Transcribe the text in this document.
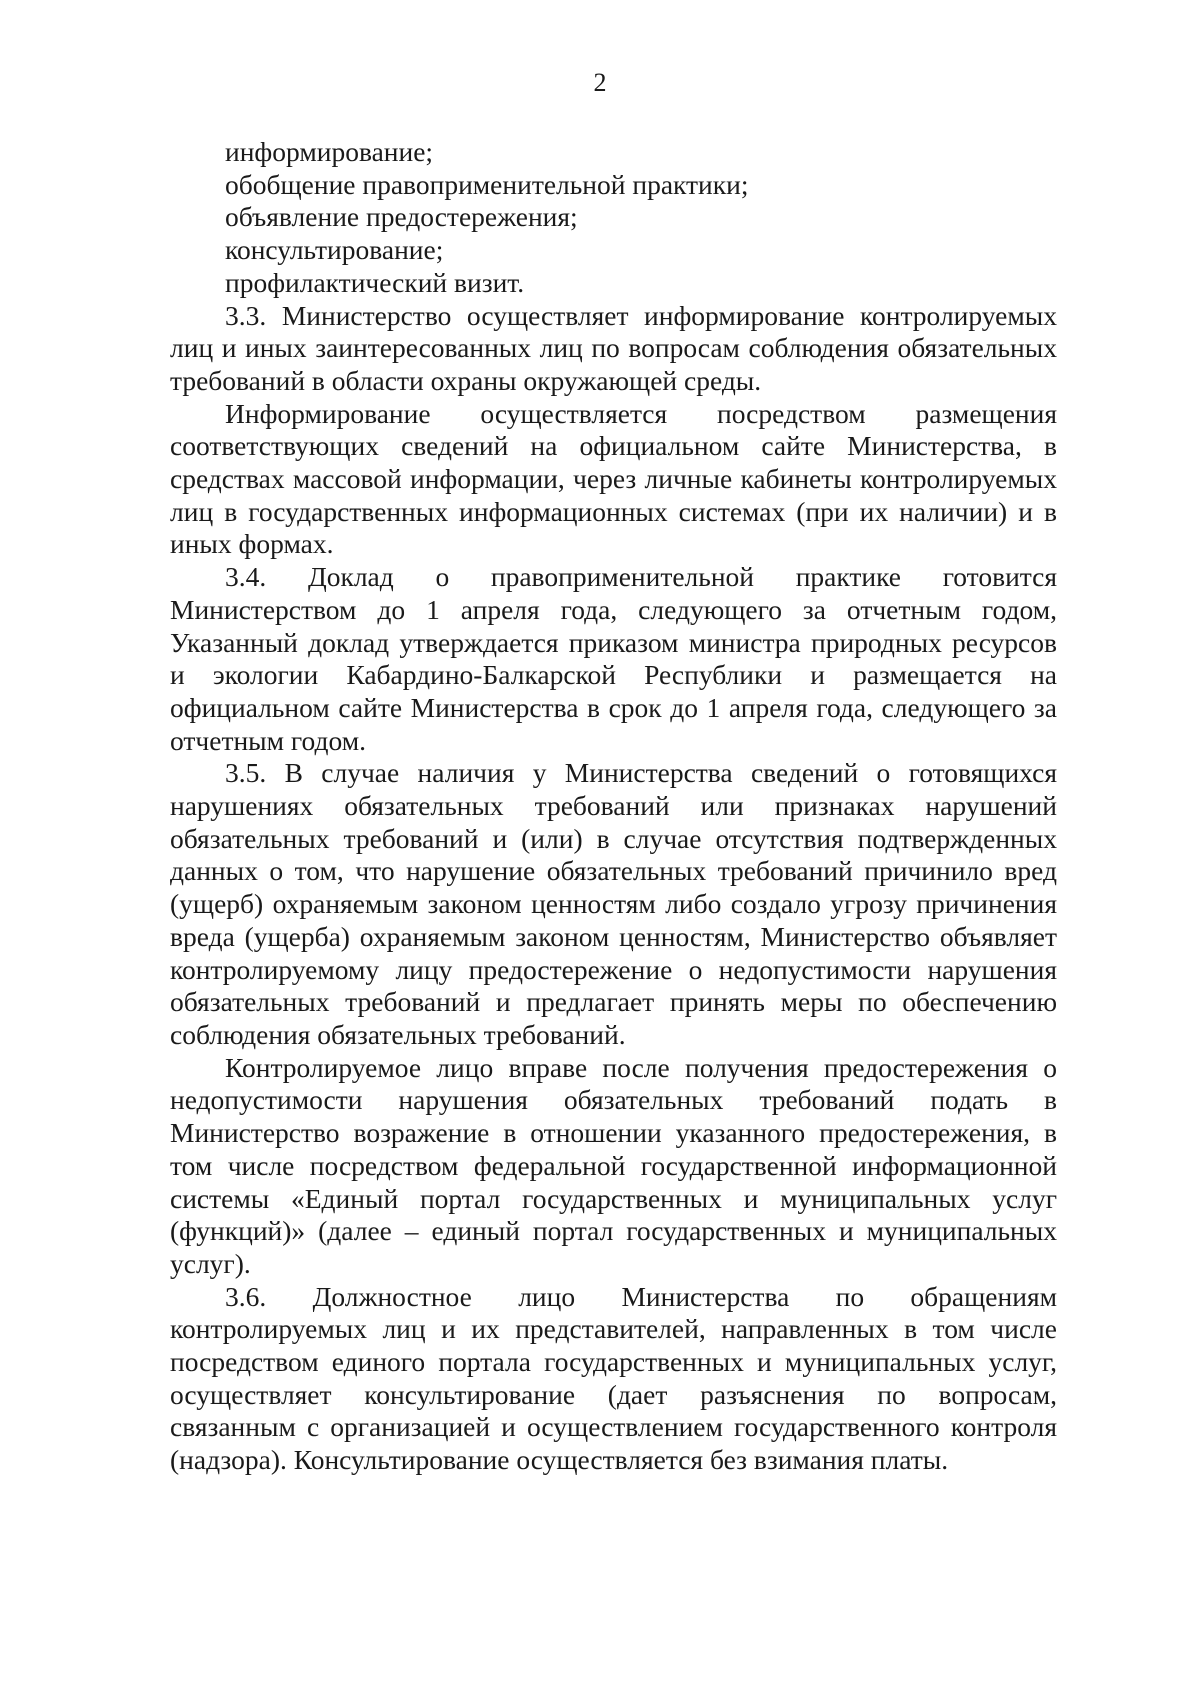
2

информирование;

обобщение правоприменительной практики;

объявление предостережения;

консультирование;

профилактический визит.

3.3. Министерство осуществляет информирование контролируемых лиц и иных заинтересованных лиц по вопросам соблюдения обязательных требований в области охраны окружающей среды.

Информирование осуществляется посредством размещения соответствующих сведений на официальном сайте Министерства, в средствах массовой информации, через личные кабинеты контролируемых лиц в государственных информационных системах (при их наличии) и в иных формах.

3.4. Доклад о правоприменительной практике готовится Министерством до 1 апреля года, следующего за отчетным годом, Указанный доклад утверждается приказом министра природных ресурсов и экологии Кабардино-Балкарской Республики и размещается на официальном сайте Министерства в срок до 1 апреля года, следующего за отчетным годом.

3.5. В случае наличия у Министерства сведений о готовящихся нарушениях обязательных требований или признаках нарушений обязательных требований и (или) в случае отсутствия подтвержденных данных о том, что нарушение обязательных требований причинило вред (ущерб) охраняемым законом ценностям либо создало угрозу причинения вреда (ущерба) охраняемым законом ценностям, Министерство объявляет контролируемому лицу предостережение о недопустимости нарушения обязательных требований и предлагает принять меры по обеспечению соблюдения обязательных требований.

Контролируемое лицо вправе после получения предостережения о недопустимости нарушения обязательных требований подать в Министерство возражение в отношении указанного предостережения, в том числе посредством федеральной государственной информационной системы «Единый портал государственных и муниципальных услуг (функций)» (далее – единый портал государственных и муниципальных услуг).

3.6. Должностное лицо Министерства по обращениям контролируемых лиц и их представителей, направленных в том числе посредством единого портала государственных и муниципальных услуг, осуществляет консультирование (дает разъяснения по вопросам, связанным с организацией и осуществлением государственного контроля (надзора). Консультирование осуществляется без взимания платы.
